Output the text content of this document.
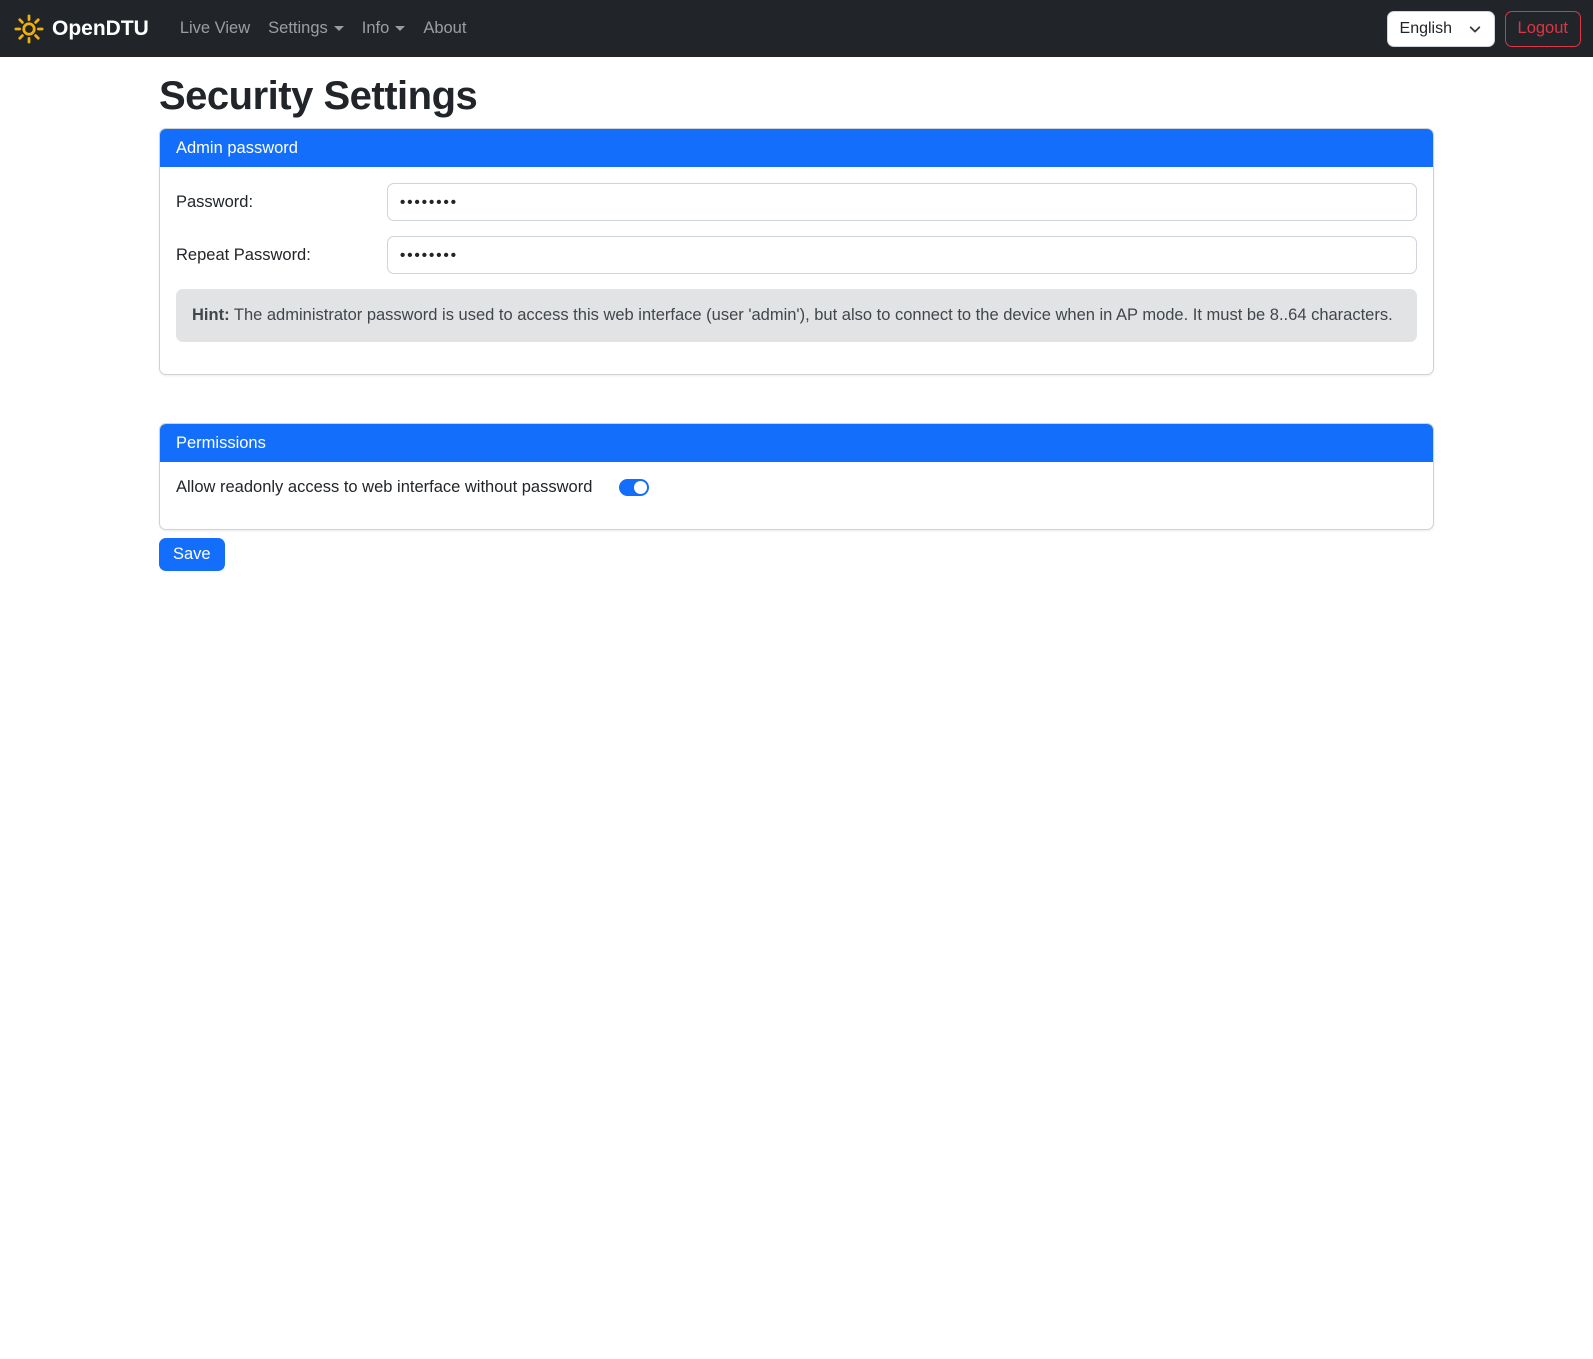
OpenDTU Live View Settings Info About	English	Logout
Security Settings
Admin password
Password:
••••••••
Repeat Password:
••••••••
Hint: The administrator password is used to access this web interface (user 'admin'), but also to connect to the device when in AP mode. It must be 8..64 characters.
Permissions
Allow readonly access to web interface without password
Save
